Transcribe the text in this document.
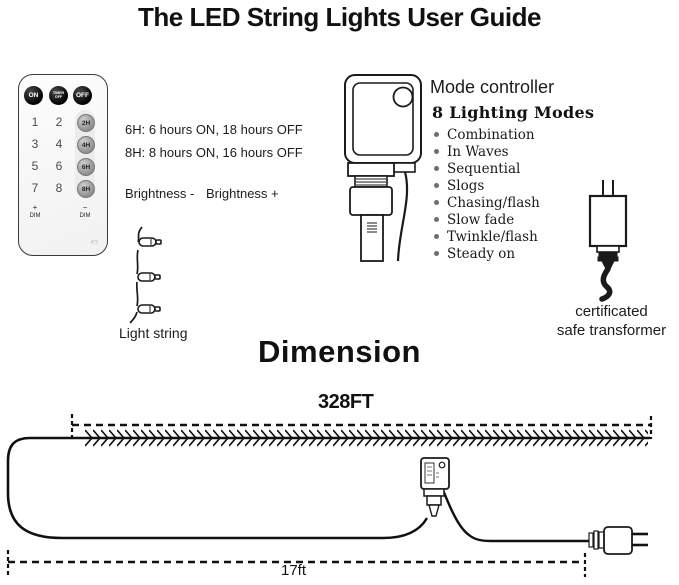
The LED String Lights User Guide
ON	TIMER OFF	OFF
1	2
3	4
5	6
7	8
2H
4H
6H
8H
+
DIM
−
DIM
4*2
6H: 6 hours ON, 18 hours OFF
8H: 8 hours ON, 16 hours OFF
Brightness - Brightness +
Light string
Mode controller
8 Lighting Modes
Combination
In Waves
Sequential
Slogs
Chasing/flash
Slow fade
Twinkle/flash
Steady on
certificated
safe transformer
Dimension
328FT
17ft
